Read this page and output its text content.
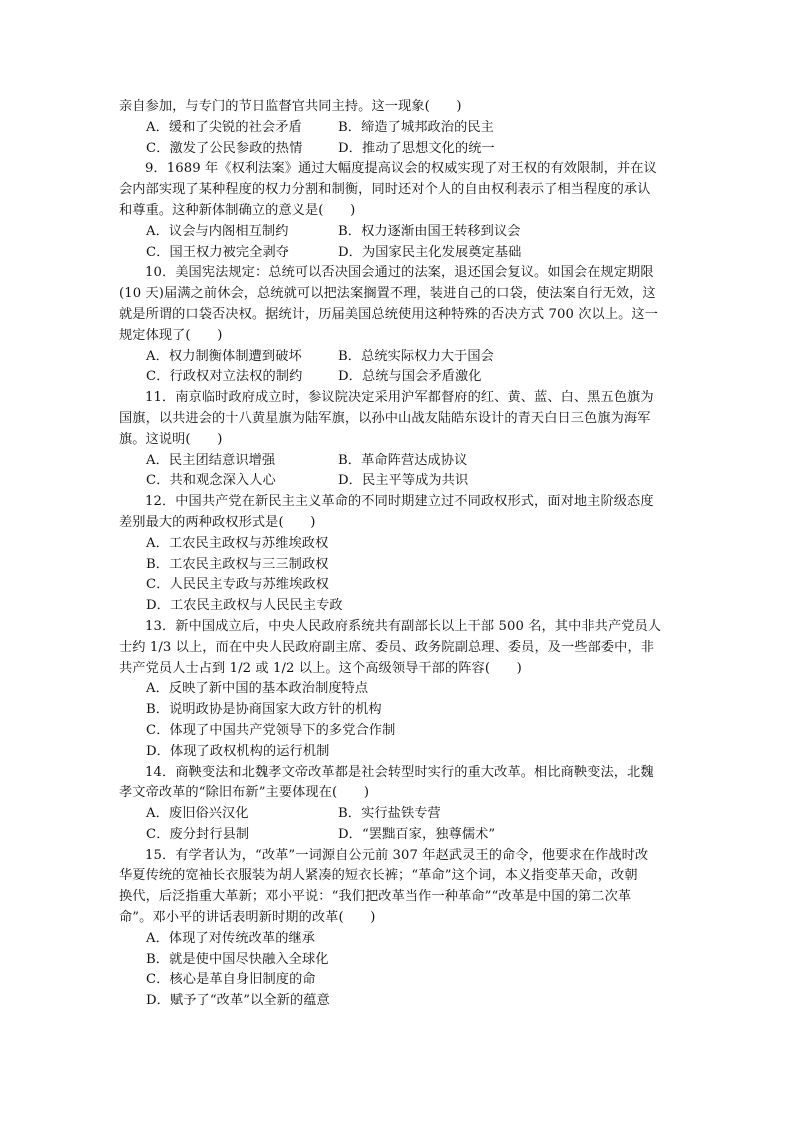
亲自参加，与专门的节日监督官共同主持。这一现象(　　)

A．缓和了尖锐的社会矛盾	B．缔造了城邦政治的民主
C．激发了公民参政的热情	D．推动了思想文化的统一

9．1689 年《权利法案》通过大幅度提高议会的权威实现了对王权的有效限制，并在议

会内部实现了某种程度的权力分割和制衡，同时还对个人的自由权利表示了相当程度的承认
和尊重。这种新体制确立的意义是(　　)

A．议会与内阁相互制约	B．权力逐渐由国王转移到议会
C．国王权力被完全剥夺	D．为国家民主化发展奠定基础

10．美国宪法规定：总统可以否决国会通过的法案，退还国会复议。如国会在规定期限

(10 天)届满之前休会，总统就可以把法案搁置不理，装进自己的口袋，使法案自行无效，这
就是所谓的口袋否决权。据统计，历届美国总统使用这种特殊的否决方式 700 次以上。这一
规定体现了(　　)

A．权力制衡体制遭到破坏	B．总统实际权力大于国会
C．行政权对立法权的制约	D．总统与国会矛盾激化

11．南京临时政府成立时，参议院决定采用沪军都督府的红、黄、蓝、白、黑五色旗为

国旗，以共进会的十八黄星旗为陆军旗，以孙中山战友陆皓东设计的青天白日三色旗为海军
旗。这说明(　　)

A．民主团结意识增强	B．革命阵营达成协议
C．共和观念深入人心	D．民主平等成为共识

12．中国共产党在新民主主义革命的不同时期建立过不同政权形式，面对地主阶级态度

差别最大的两种政权形式是(　　)

A．工农民主政权与苏维埃政权

B．工农民主政权与三三制政权

C．人民民主专政与苏维埃政权

D．工农民主政权与人民民主专政

13．新中国成立后，中央人民政府系统共有副部长以上干部 500 名，其中非共产党员人

士约 1/3 以上，而在中央人民政府副主席、委员、政务院副总理、委员，及一些部委中，非
共产党员人士占到 1/2 或 1/2 以上。这个高级领导干部的阵容(　　)

A．反映了新中国的基本政治制度特点

B．说明政协是协商国家大政方针的机构

C．体现了中国共产党领导下的多党合作制

D．体现了政权机构的运行机制

14．商鞅变法和北魏孝文帝改革都是社会转型时实行的重大改革。相比商鞅变法，北魏

孝文帝改革的“除旧布新”主要体现在(　　)

A．废旧俗兴汉化	B．实行盐铁专营
C．废分封行县制	D．“罢黜百家，独尊儒术”

15．有学者认为，“改革”一词源自公元前 307 年赵武灵王的命令，他要求在作战时改

华夏传统的宽袖长衣服装为胡人紧凑的短衣长裤；“革命”这个词，本义指变革天命，改朝
换代，后泛指重大革新；邓小平说：“我们把改革当作一种革命”“改革是中国的第二次革
命”。邓小平的讲话表明新时期的改革(　　)

A．体现了对传统改革的继承

B．就是使中国尽快融入全球化

C．核心是革自身旧制度的命

D．赋予了“改革”以全新的蕴意
